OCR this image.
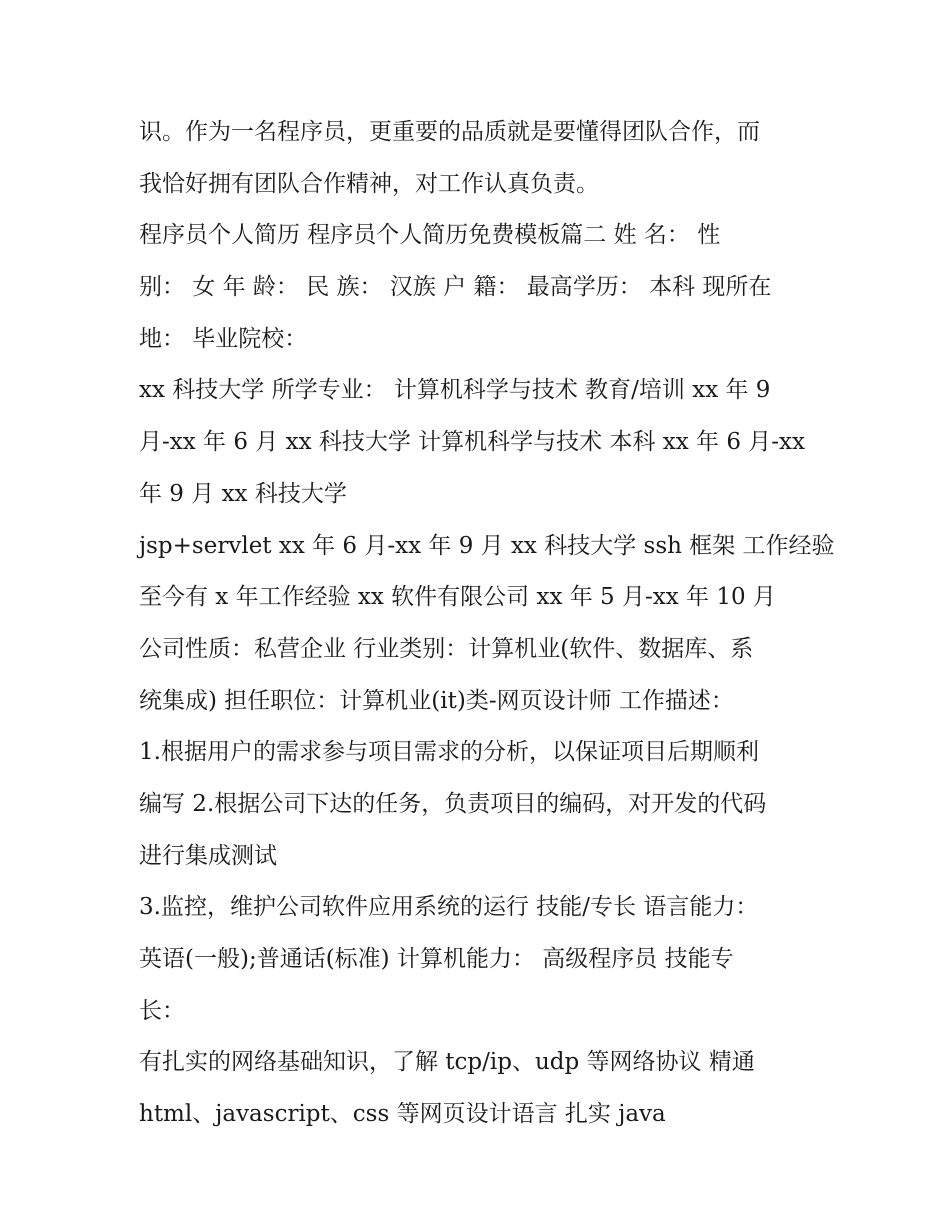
识。作为一名程序员，更重要的品质就是要懂得团队合作，而
我恰好拥有团队合作精神，对工作认真负责。
程序员个人简历 程序员个人简历免费模板篇二 姓 名： 性
别： 女 年 龄： 民 族： 汉族 户 籍： 最高学历： 本科 现所在
地： 毕业院校：
xx 科技大学 所学专业： 计算机科学与技术 教育/培训 xx 年 9
月-xx 年 6 月 xx 科技大学 计算机科学与技术 本科 xx 年 6 月-xx
年 9 月 xx 科技大学
jsp+servlet xx 年 6 月-xx 年 9 月 xx 科技大学 ssh 框架 工作经验
至今有 x 年工作经验 xx 软件有限公司 xx 年 5 月-xx 年 10 月
公司性质：私营企业 行业类别：计算机业(软件、数据库、系
统集成) 担任职位：计算机业(it)类-网页设计师 工作描述：
1.根据用户的需求参与项目需求的分析，以保证项目后期顺利
编写 2.根据公司下达的任务，负责项目的编码，对开发的代码
进行集成测试
3.监控，维护公司软件应用系统的运行 技能/专长 语言能力：
英语(一般);普通话(标准) 计算机能力： 高级程序员 技能专
长：
有扎实的网络基础知识，了解 tcp/ip、udp 等网络协议 精通
html、javascript、css 等网页设计语言 扎实 java
